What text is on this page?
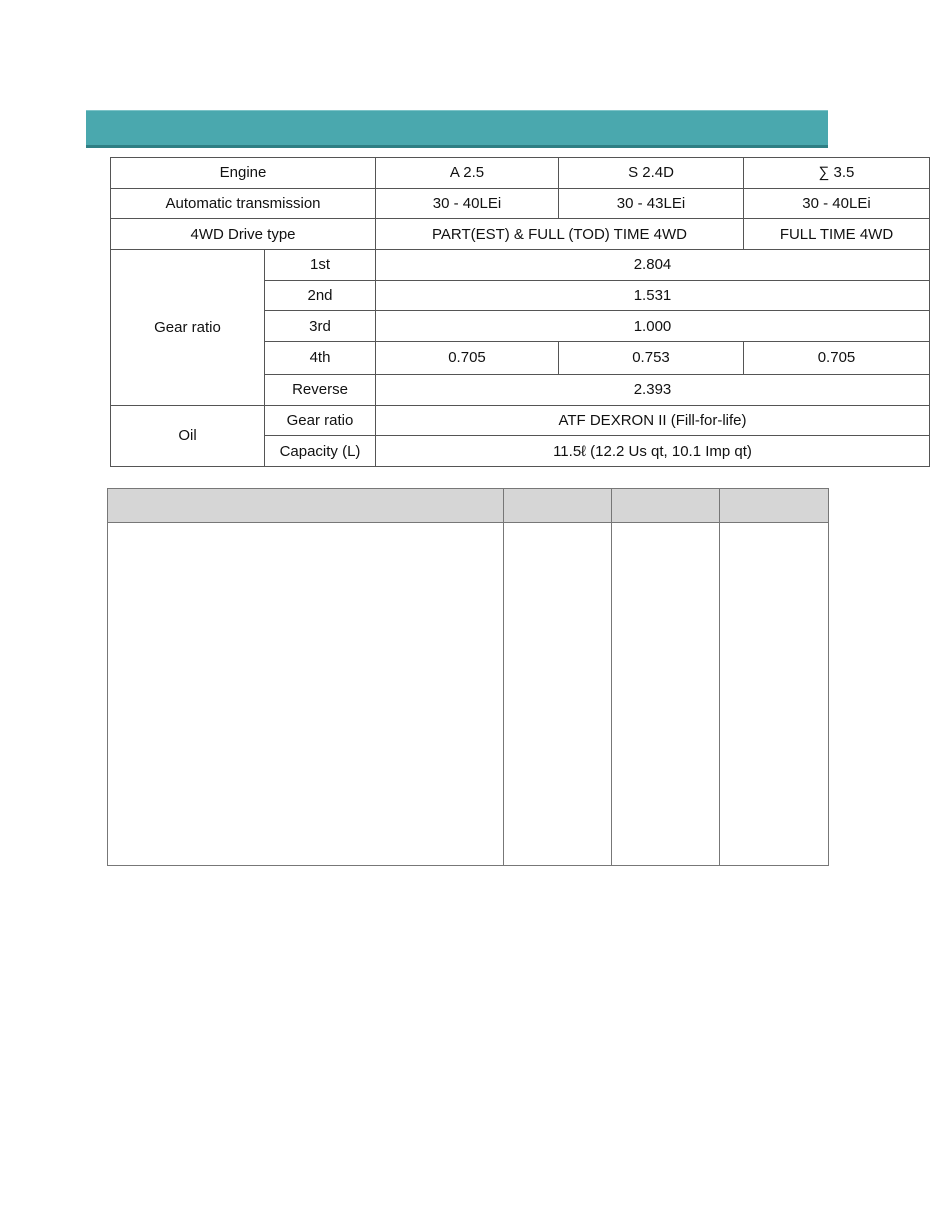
Engine		A 2.5	S 2.4D	∑ 3.5
Automatic transmission		30 - 40LEi	30 - 43LEi	30 - 40LEi
4WD Drive type		PART(EST) & FULL (TOD) TIME 4WD		FULL TIME 4WD
Gear ratio	1st	2.804		
	2nd	1.531		
	3rd	1.000		
	4th	0.705	0.753	0.705
	Reverse	2.393		
Oil	Gear ratio	ATF DEXRON II (Fill-for-life)		
	Capacity (L)	11.5ℓ (12.2 Us qt, 10.1 Imp qt)		
